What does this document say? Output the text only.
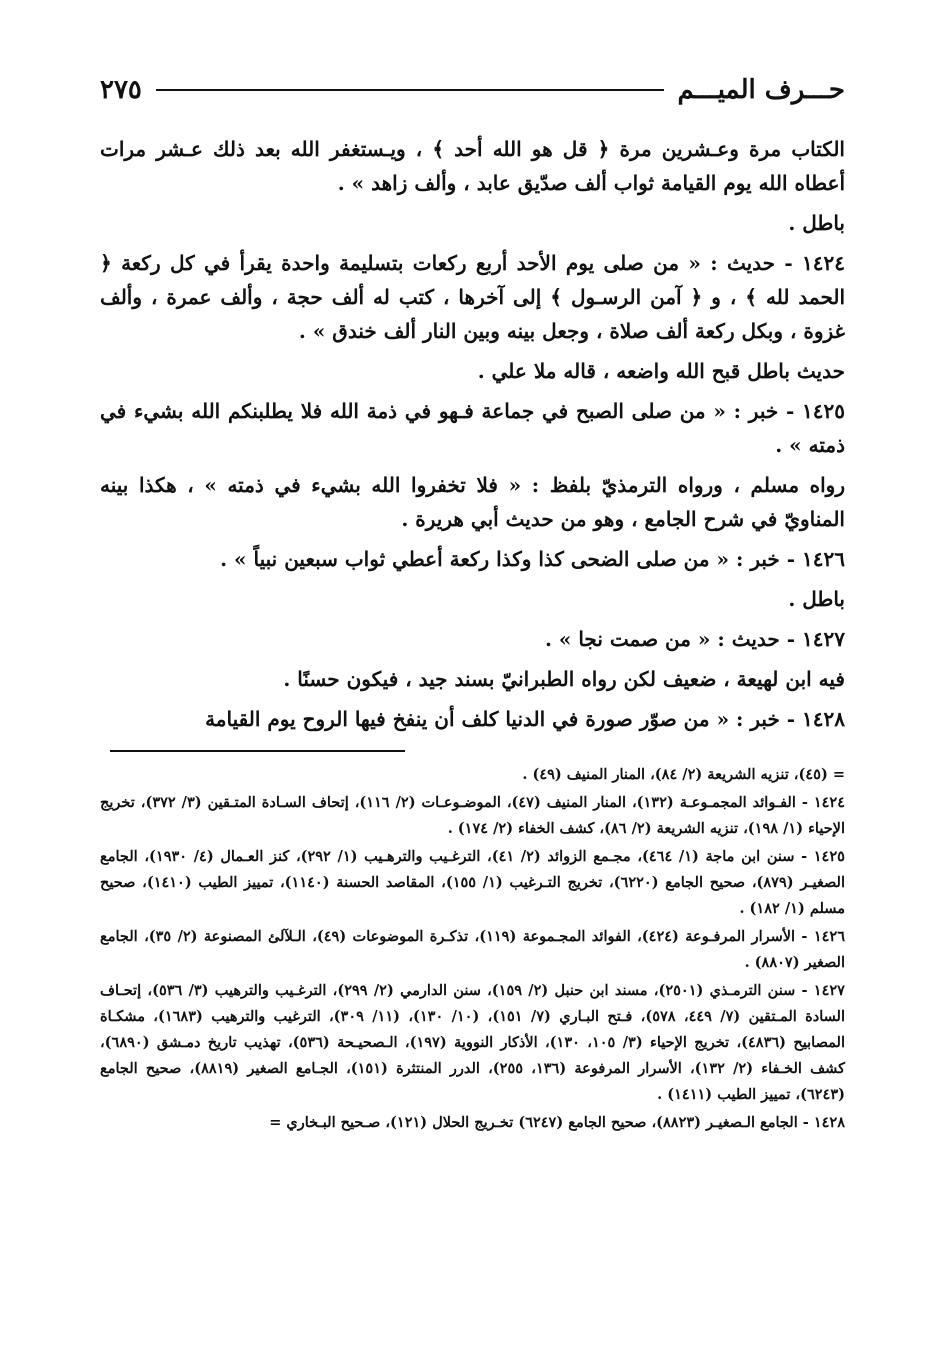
حـــرف الميـــم
٢٧٥

الكتاب مرة وعـشرين مرة ﴿ قل هو الله أحد ﴾ ، ويـستغفر الله بعد ذلك عـشر مرات أعطاه الله يوم القيامة ثواب ألف صدّيق عابد ، وألف زاهد » .

باطل .

١٤٢٤ - حديث : « من صلى يوم الأحد أربع ركعات بتسليمة واحدة يقرأ في كل ركعة ﴿ الحمد لله ﴾ ، و ﴿ آمن الرسـول ﴾ إلى آخرها ، كتب له ألف حجة ، وألف عمرة ، وألف غزوة ، وبكل ركعة ألف صلاة ، وجعل بينه وبين النار ألف خندق » .

حديث باطل قبح الله واضعه ، قاله ملا علي .

١٤٢٥ - خبر : « من صلى الصبح في جماعة فـهو في ذمة الله فلا يطلبنكم الله بشيء في ذمته » .

رواه مسلم ، ورواه الترمذيّ بلفظ : « فلا تخفروا الله بشيء في ذمته » ، هكذا بينه المناويّ في شرح الجامع ، وهو من حديث أبي هريرة .

١٤٢٦ - خبر : « من صلى الضحى كذا وكذا ركعة أعطي ثواب سبعين نبياً » .

باطل .

١٤٢٧ - حديث : « من صمت نجا » .

فيه ابن لهيعة ، ضعيف لكن رواه الطبرانيّ بسند جيد ، فيكون حسنًا .

١٤٢٨ - خبر : « من صوّر صورة في الدنيا كلف أن ينفخ فيها الروح يوم القيامة

= (٤٥)، تنزيه الشريعة (٢/ ٨٤)، المنار المنيف (٤٩) .

١٤٢٤ - الفـوائد المجمـوعـة (١٣٢)، المنار المنيف (٤٧)، الموضـوعـات (٢/ ١١٦)، إتحاف السـادة المتـقين (٣/ ٣٧٢)، تخريج الإحياء (١/ ١٩٨)، تنزيه الشريعة (٢/ ٨٦)، كشف الخفاء (٢/ ١٧٤) .

١٤٢٥ - سنن ابن ماجة (١/ ٤٦٤)، مجـمع الزوائد (٢/ ٤١)، الترغـيب والترهـيب (١/ ٢٩٢)، كنز العـمال (٤/ ١٩٣٠)، الجامع الصغيـر (٨٧٩)، صحيح الجامع (٦٢٢٠)، تخريج التـرغيب (١/ ١٥٥)، المقاصد الحسنة (١١٤٠)، تمييز الطيب (١٤١٠)، صحيح مسلم (١/ ١٨٢) .

١٤٢٦ - الأسرار المرفـوعة (٤٢٤)، الفوائد المجـموعة (١١٩)، تذكـرة الموضوعات (٤٩)، الـلآلئ المصنوعة (٢/ ٣٥)، الجامع الصغير (٨٨٠٧) .

١٤٢٧ - سنن الترمـذي (٢٥٠١)، مسند ابن حنبل (٢/ ١٥٩)، سنن الدارمي (٢/ ٢٩٩)، الترغـيب والترهيب (٣/ ٥٣٦)، إتحـاف السادة المـتقين (٧/ ٤٤٩، ٥٧٨)، فـتح البـاري (٧/ ١٥١)، (١٠/ ١٣٠)، (١١/ ٣٠٩)، الترغيب والترهيب (١٦٨٣)، مشكـاة المصابيح (٤٨٣٦)، تخريج الإحياء (٣/ ١٠٥، ١٣٠)، الأذكار النووية (١٩٧)، الـصحيـحة (٥٣٦)، تهذيب تاريخ دمـشق (٦٨٩٠)، كشف الخـفاء (٢/ ١٣٢)، الأسرار المرفوعة (١٣٦، ٢٥٥)، الدرر المنتثرة (١٥١)، الجـامع الصغير (٨٨١٩)، صحيح الجامع (٦٢٤٣)، تمييز الطيب (١٤١١) .

١٤٢٨ - الجامع الـصغيـر (٨٨٢٣)، صحيح الجامع (٦٢٤٧) تخـريج الحلال (١٢١)، صـحيح البـخاري =
